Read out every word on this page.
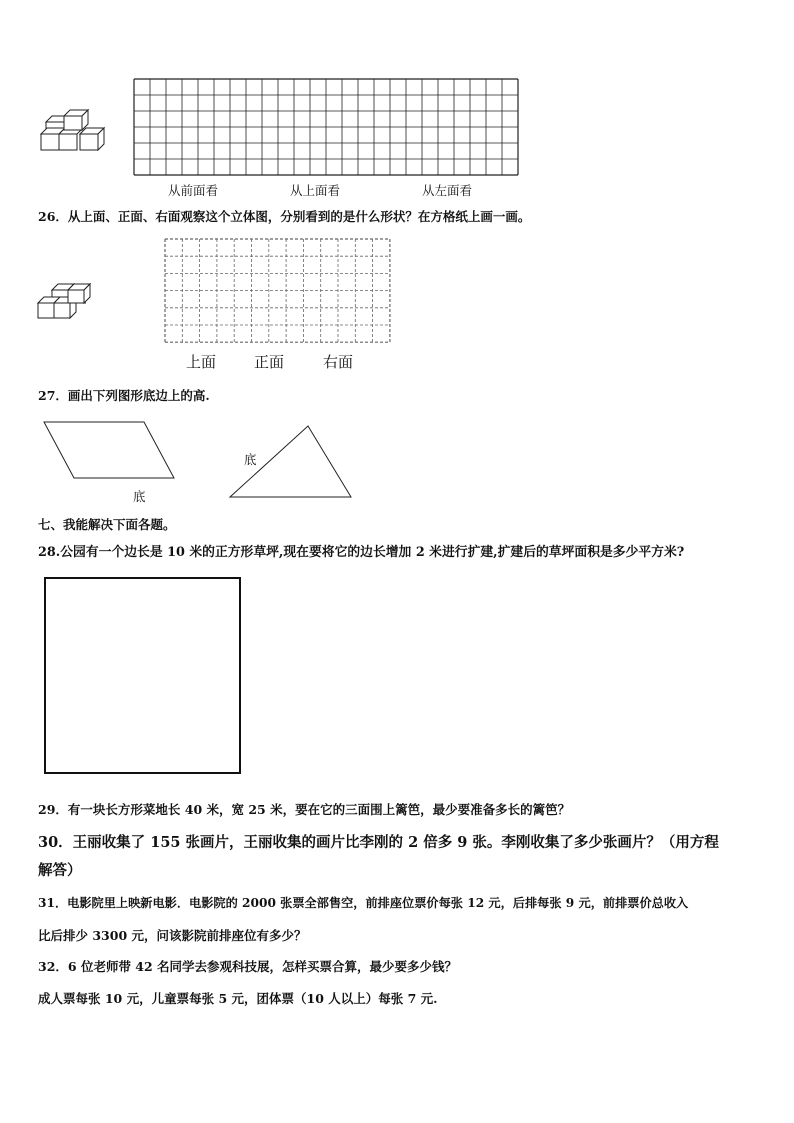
从前面看	从上面看	从左面看
26．从上面、正面、右面观察这个立体图，分别看到的是什么形状？在方格纸上画一画。
上面	正面	右面
27．画出下列图形底边上的高.
底
底
七、我能解决下面各题。
28.公园有一个边长是 10 米的正方形草坪,现在要将它的边长增加 2 米进行扩建,扩建后的草坪面积是多少平方米?
29．有一块长方形菜地长 40 米，宽 25 米，要在它的三面围上篱笆，最少要准备多长的篱笆？
30．王丽收集了 155 张画片，王丽收集的画片比李刚的 2 倍多 9 张。李刚收集了多少张画片？（用方程
解答）
31．电影院里上映新电影．电影院的 2000 张票全部售空，前排座位票价每张 12 元，后排每张 9 元，前排票价总收入
比后排少 3300 元，问该影院前排座位有多少？
32．6 位老师带 42 名同学去参观科技展，怎样买票合算，最少要多少钱？
成人票每张 10 元，儿童票每张 5 元，团体票（10 人以上）每张 7 元.
